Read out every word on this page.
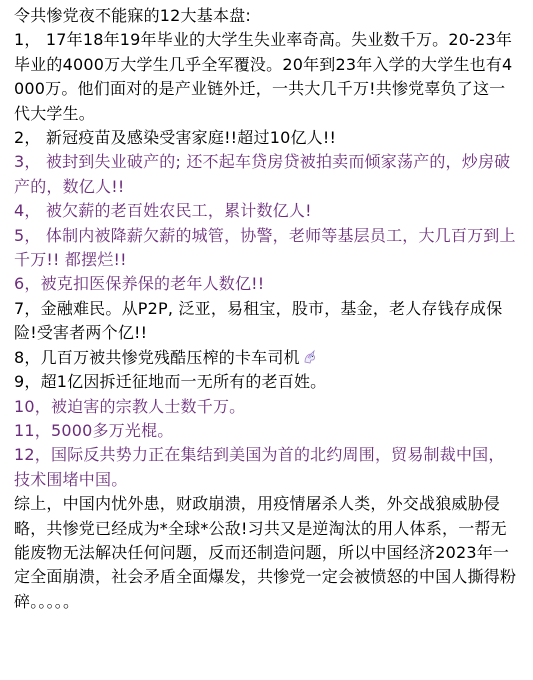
令共惨党夜不能寐的12大基本盘:
1， 17年18年19年毕业的大学生失业率奇高。失业数千万。20-23年毕业的4000万大学生几乎全军覆没。20年到23年入学的大学生也有4000万。他们面对的是产业链外迁，一共大几千万!共惨党辜负了这一代大学生。
2， 新冠疫苗及感染受害家庭!!超过10亿人!!
3， 被封到失业破产的; 还不起车贷房贷被拍卖而倾家荡产的，炒房破产的，数亿人!!
4， 被欠薪的老百姓农民工，累计数亿人!
5， 体制内被降薪欠薪的城管，协警，老师等基层员工，大几百万到上千万!! 都摆烂!!
6，被克扣医保养保的老年人数亿!!
7，金融难民。从P2P, 泛亚，易租宝，股市，基金，老人存钱存成保险!受害者两个亿!!
8，几百万被共惨党残酷压榨的卡车司机
9，超1亿因拆迁征地而一无所有的老百姓。
10，被迫害的宗教人士数千万。
11，5000多万光棍。
12，国际反共势力正在集结到美国为首的北约周围，贸易制裁中国，技术围堵中国。
综上，中国内忧外患，财政崩溃，用疫情屠杀人类，外交战狼威胁侵略，共惨党已经成为*全球*公敌!习共又是逆淘汰的用人体系，一帮无能废物无法解决任何问题，反而还制造问题，所以中国经济2023年一定全面崩溃，社会矛盾全面爆发，共惨党一定会被愤怒的中国人撕得粉碎。。。。。
